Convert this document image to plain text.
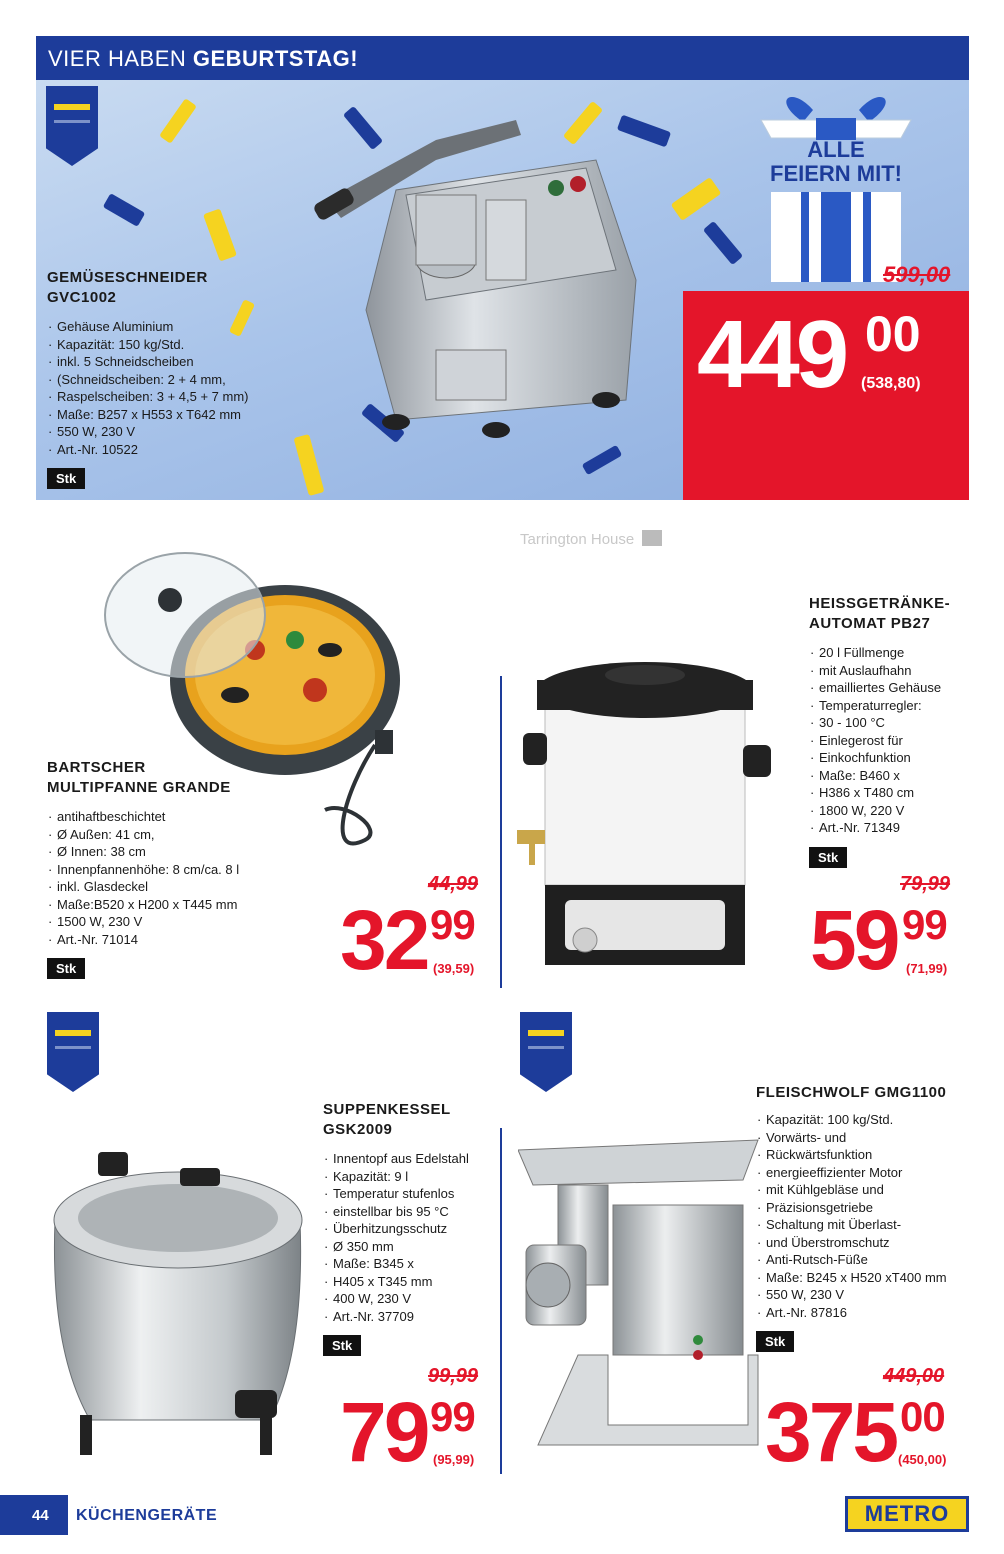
VIER HABEN GEBURTSTAG!
ALLE
FEIERN MIT!
GEMÜSESCHNEIDER
GVC1002
· Gehäuse Aluminium
· Kapazität: 150 kg/Std.
· inkl. 5 Schneidscheiben
· (Schneidscheiben: 2 + 4 mm,
· Raspelscheiben: 3 + 4,5 + 7 mm)
· Maße: B257 x H553 x T642 mm
· 550 W, 230 V
· Art.-Nr. 10522
Stk
599,00
449 00
(538,80)
Tarrington House
BARTSCHER
MULTIPFANNE GRANDE
· antihaftbeschichtet
· Ø Außen: 41 cm,
· Ø Innen: 38 cm
· Innenpfannenhöhe: 8 cm/ca. 8 l
· inkl. Glasdeckel
· Maße:B520 x H200 x T445 mm
· 1500 W, 230 V
· Art.-Nr. 71014
Stk
44,99
32 99
(39,59)
HEISSGETRÄNKE-
AUTOMAT PB27
· 20 l Füllmenge
· mit Auslaufhahn
· emailliertes Gehäuse
· Temperaturregler:
· 30 - 100 °C
· Einlegerost für
· Einkochfunktion
· Maße: B460 x
· H386 x T480 cm
· 1800 W, 220 V
· Art.-Nr. 71349
Stk
79,99
59 99
(71,99)
SUPPENKESSEL
GSK2009
· Innentopf aus Edelstahl
· Kapazität: 9 l
· Temperatur stufenlos
· einstellbar bis 95 °C
· Überhitzungsschutz
· Ø 350 mm
· Maße: B345 x
· H405 x T345 mm
· 400 W, 230 V
· Art.-Nr. 37709
Stk
99,99
79 99
(95,99)
FLEISCHWOLF GMG1100
· Kapazität: 100 kg/Std.
· Vorwärts- und
· Rückwärtsfunktion
· energieeffizienter Motor
· mit Kühlgebläse und
· Präzisionsgetriebe
· Schaltung mit Überlast-
· und Überstromschutz
· Anti-Rutsch-Füße
· Maße: B245 x H520 xT400 mm
· 550 W, 230 V
· Art.-Nr. 87816
Stk
449,00
375 00
(450,00)
44	KÜCHENGERÄTE	METRO
